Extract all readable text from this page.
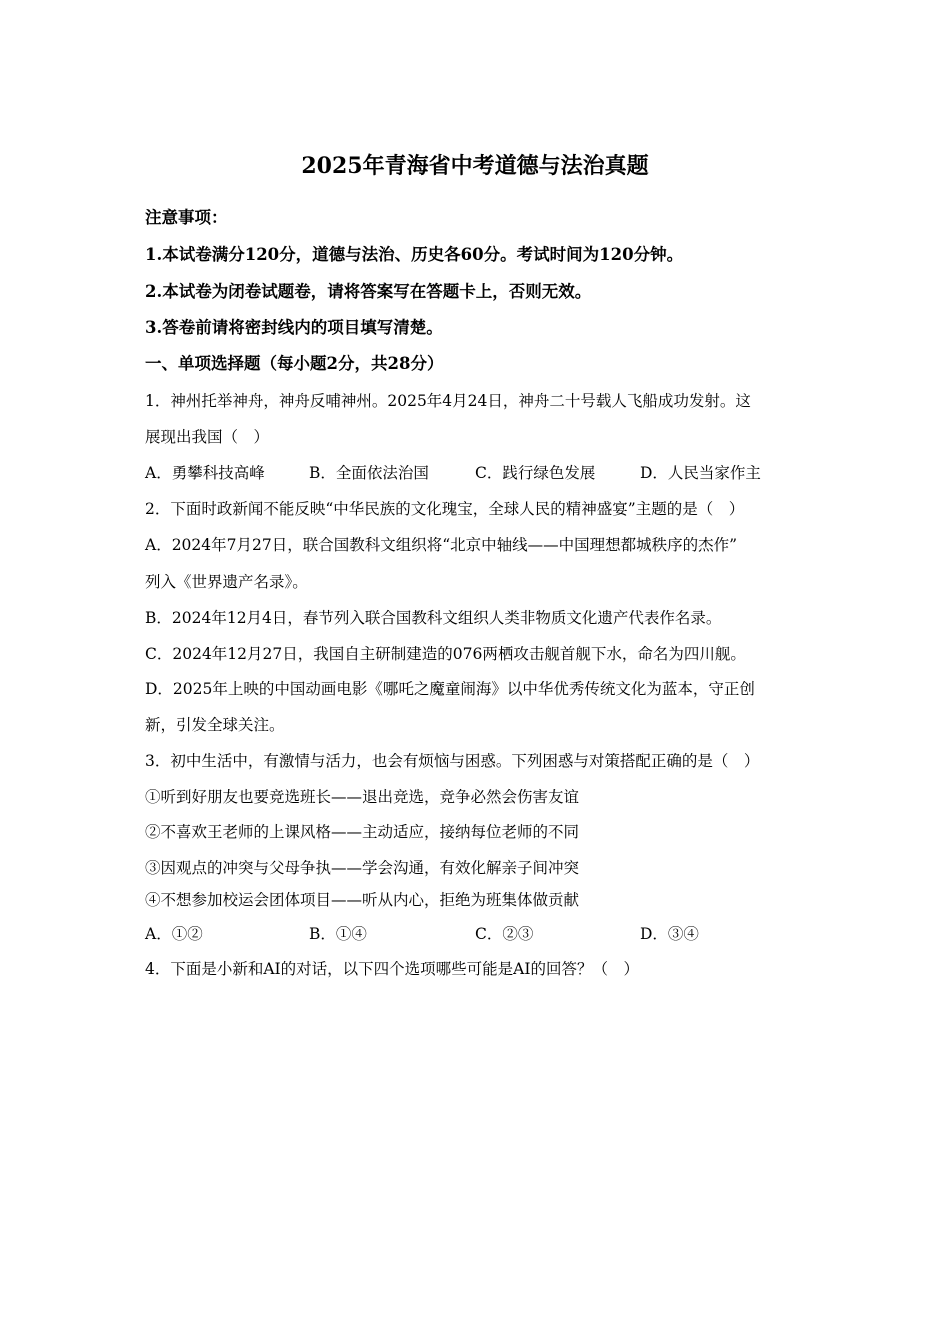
2025年青海省中考道德与法治真题
注意事项：
1.本试卷满分120分，道德与法治、历史各60分。考试时间为120分钟。
2.本试卷为闭卷试题卷，请将答案写在答题卡上，否则无效。
3.答卷前请将密封线内的项目填写清楚。
一、单项选择题（每小题2分，共28分）
1．神州托举神舟，神舟反哺神州。2025年4月24日，神舟二十号载人飞船成功发射。这
展现出我国（　）
A．勇攀科技高峰	B．全面依法治国	C．践行绿色发展	D．人民当家作主
2．下面时政新闻不能反映“中华民族的文化瑰宝，全球人民的精神盛宴”主题的是（　）
A．2024年7月27日，联合国教科文组织将“北京中轴线——中国理想都城秩序的杰作”
列入《世界遗产名录》。
B．2024年12月4日，春节列入联合国教科文组织人类非物质文化遗产代表作名录。
C．2024年12月27日，我国自主研制建造的076两栖攻击舰首舰下水，命名为四川舰。
D．2025年上映的中国动画电影《哪吒之魔童闹海》以中华优秀传统文化为蓝本，守正创
新，引发全球关注。
3．初中生活中，有激情与活力，也会有烦恼与困惑。下列困惑与对策搭配正确的是（　）
①听到好朋友也要竞选班长——退出竞选，竞争必然会伤害友谊
②不喜欢王老师的上课风格——主动适应，接纳每位老师的不同
③因观点的冲突与父母争执——学会沟通，有效化解亲子间冲突
④不想参加校运会团体项目——听从内心，拒绝为班集体做贡献
A．①②	B．①④	C．②③	D．③④
4．下面是小新和AI的对话，以下四个选项哪些可能是AI的回答？（　）
